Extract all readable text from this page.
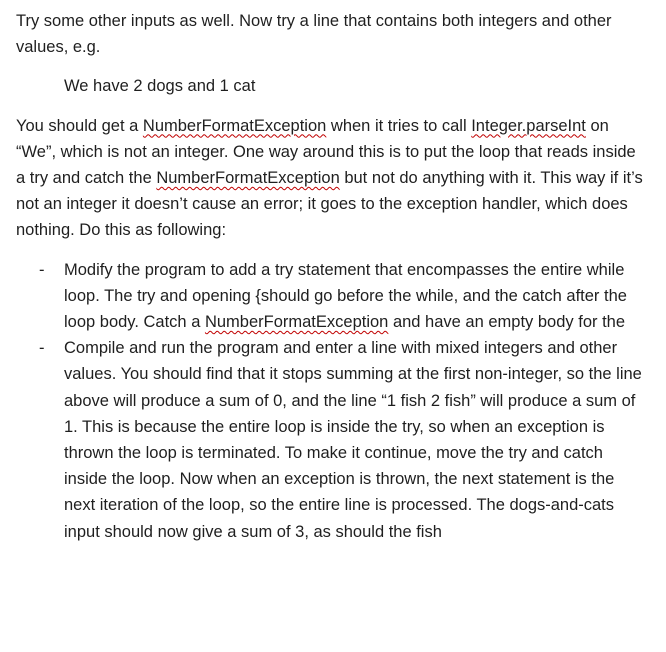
Try some other inputs as well. Now try a line that contains both integers and other values, e.g.

We have 2 dogs and 1 cat

You should get a NumberFormatException when it tries to call Integer.parseInt on “We”, which is not an integer. One way around this is to put the loop that reads inside a try and catch the NumberFormatException but not do anything with it. This way if it’s not an integer it doesn’t cause an error; it goes to the exception handler, which does nothing. Do this as following:

- Modify the program to add a try statement that encompasses the entire while loop. The try and opening {should go before the while, and the catch after the loop body. Catch a NumberFormatException and have an empty body for the
- Compile and run the program and enter a line with mixed integers and other values. You should find that it stops summing at the first non-integer, so the line above will produce a sum of 0, and the line “1 fish 2 fish” will produce a sum of 1. This is because the entire loop is inside the try, so when an exception is thrown the loop is terminated. To make it continue, move the try and catch inside the loop. Now when an exception is thrown, the next statement is the next iteration of the loop, so the entire line is processed. The dogs-and-cats input should now give a sum of 3, as should the fish
